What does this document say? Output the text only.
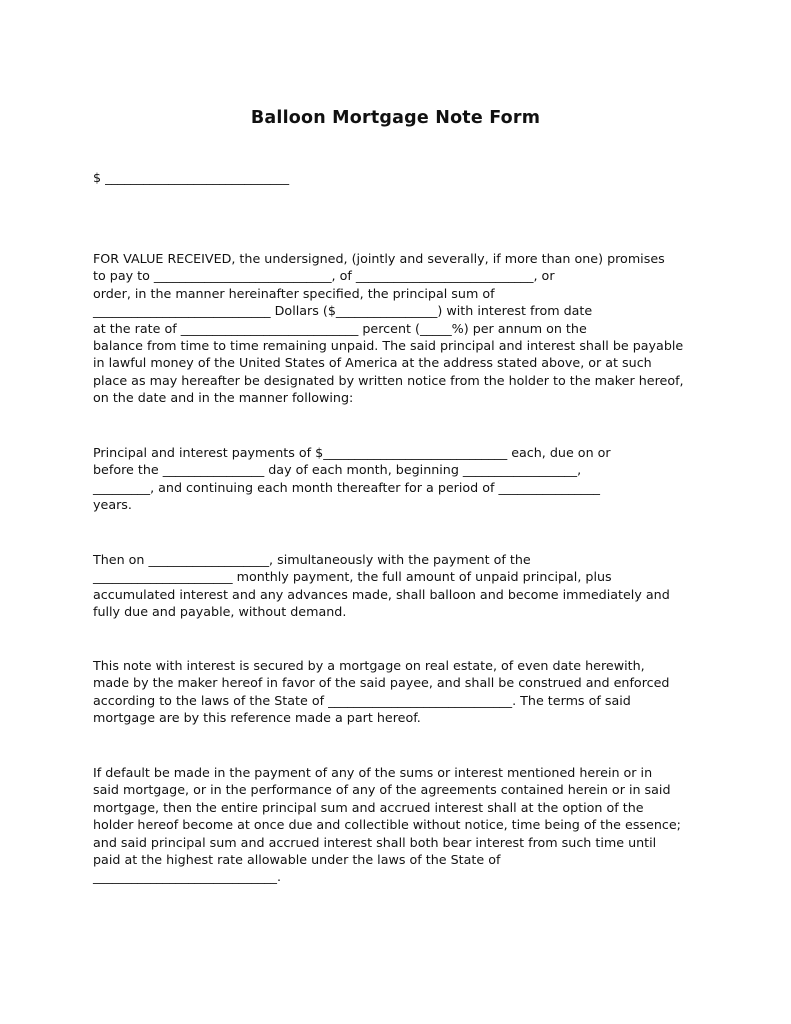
Balloon Mortgage Note Form

$ _____________________________

FOR VALUE RECEIVED, the undersigned, (jointly and severally, if more than one) promises

to pay to ____________________________, of ____________________________, or

order, in the manner hereinafter specified, the principal sum of

____________________________ Dollars ($________________) with interest from date

at the rate of ____________________________ percent (_____%) per annum on the

balance from time to time remaining unpaid. The said principal and interest shall be payable

in lawful money of the United States of America at the address stated above, or at such

place as may hereafter be designated by written notice from the holder to the maker hereof,

on the date and in the manner following:

Principal and interest payments of $_____________________________ each, due on or

before the ________________ day of each month, beginning __________________,

_________, and continuing each month thereafter for a period of ________________

years.

Then on ___________________, simultaneously with the payment of the

______________________ monthly payment, the full amount of unpaid principal, plus

accumulated interest and any advances made, shall balloon and become immediately and

fully due and payable, without demand.

This note with interest is secured by a mortgage on real estate, of even date herewith,

made by the maker hereof in favor of the said payee, and shall be construed and enforced

according to the laws of the State of _____________________________. The terms of said

mortgage are by this reference made a part hereof.

If default be made in the payment of any of the sums or interest mentioned herein or in

said mortgage, or in the performance of any of the agreements contained herein or in said

mortgage, then the entire principal sum and accrued interest shall at the option of the

holder hereof become at once due and collectible without notice, time being of the essence;

and said principal sum and accrued interest shall both bear interest from such time until

paid at the highest rate allowable under the laws of the State of

_____________________________.
